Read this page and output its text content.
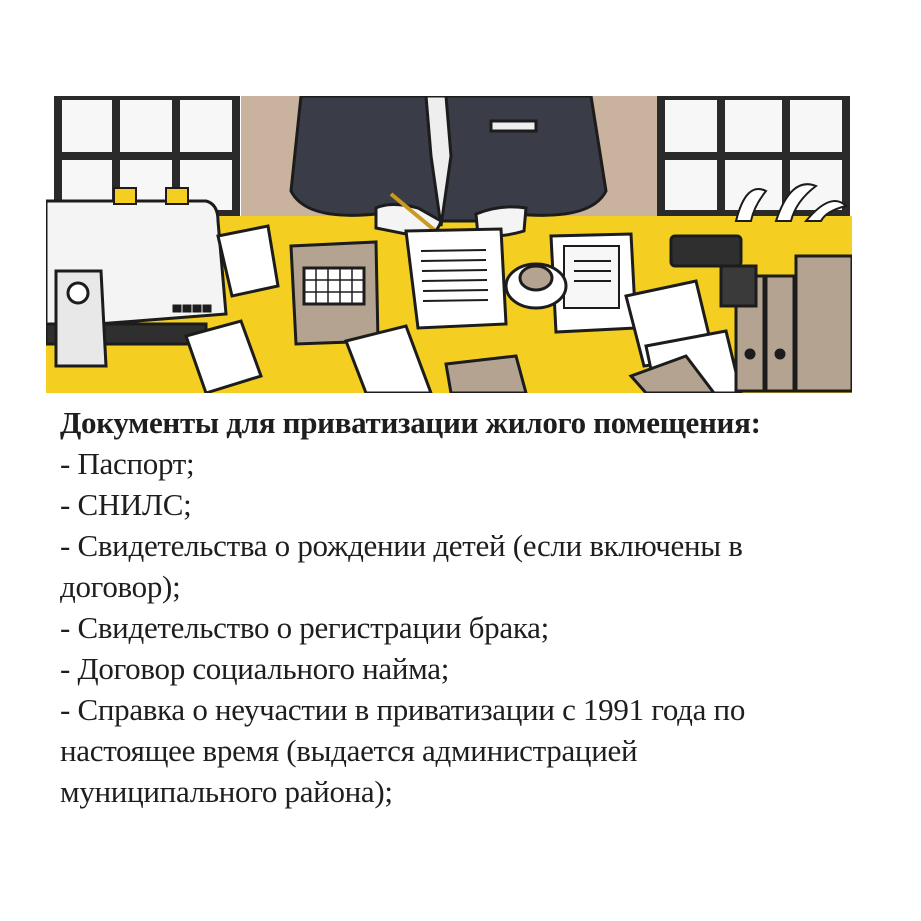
Документы для приватизации жилого помещения:
- Паспорт;
- СНИЛС;
- Свидетельства о рождении детей (если включены в договор);
- Свидетельство о регистрации брака;
- Договор социального найма;
- Справка о неучастии в приватизации с 1991 года по настоящее время (выдается администрацией муниципального района);
